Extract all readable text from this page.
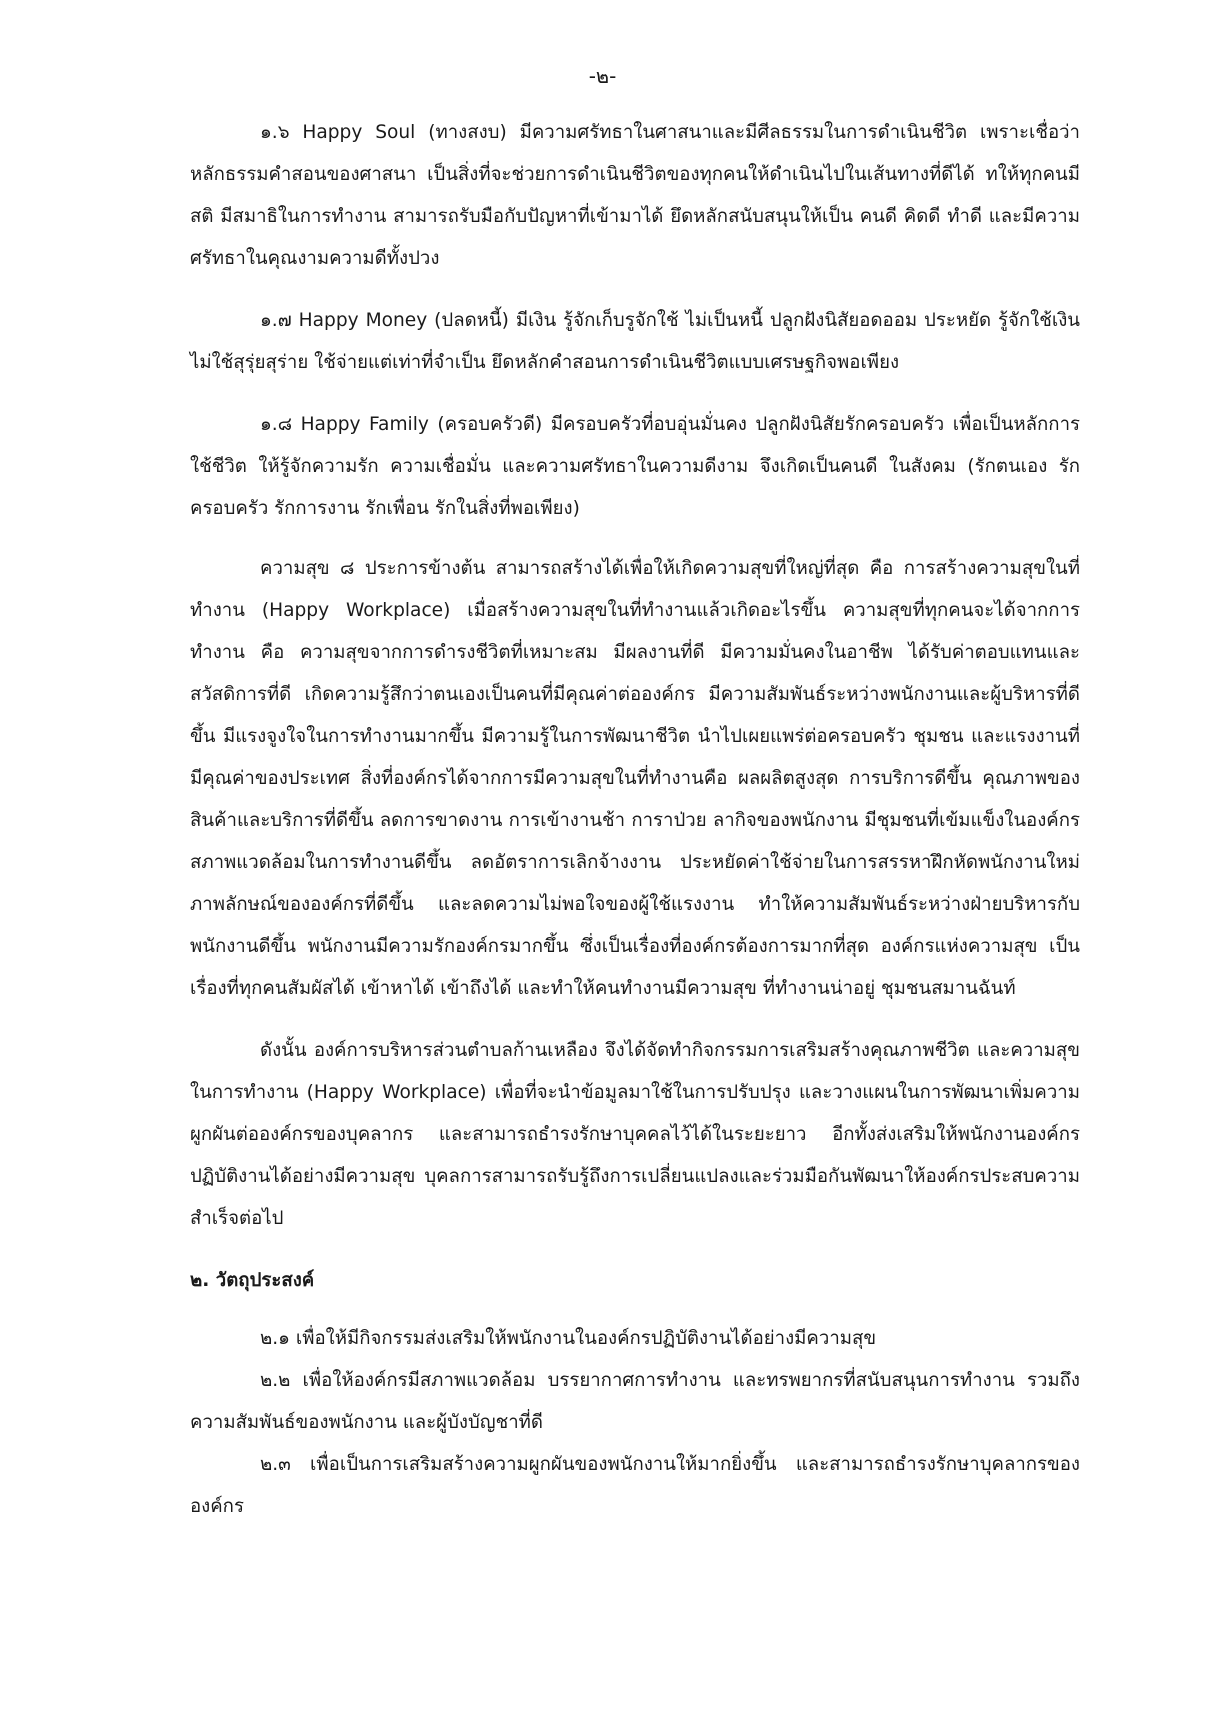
-๒-

๑.๖ Happy Soul (ทางสงบ) มีความศรัทธาในศาสนาและมีศีลธรรมในการดำเนินชีวิต เพราะเชื่อว่าหลักธรรมคำสอนของศาสนา เป็นสิ่งที่จะช่วยการดำเนินชีวิตของทุกคนให้ดำเนินไปในเส้นทางที่ดีได้ ทให้ทุกคนมีสติ มีสมาธิในการทำงาน สามารถรับมือกับปัญหาที่เข้ามาได้ ยึดหลักสนับสนุนให้เป็น คนดี คิดดี ทำดี และมีความศรัทธาในคุณงามความดีทั้งปวง

๑.๗ Happy Money (ปลดหนี้) มีเงิน รู้จักเก็บรูจักใช้ ไม่เป็นหนี้ ปลูกฝังนิสัยอดออม ประหยัด รู้จักใช้เงิน ไม่ใช้สุรุ่ยสุร่าย ใช้จ่ายแต่เท่าที่จำเป็น ยึดหลักคำสอนการดำเนินชีวิตแบบเศรษฐกิจพอเพียง

๑.๘ Happy Family (ครอบครัวดี) มีครอบครัวที่อบอุ่นมั่นคง ปลูกฝังนิสัยรักครอบครัว เพื่อเป็นหลักการใช้ชีวิต ให้รู้จักความรัก ความเชื่อมั่น และความศรัทธาในความดีงาม จึงเกิดเป็นคนดี ในสังคม (รักตนเอง รักครอบครัว รักการงาน รักเพื่อน รักในสิ่งที่พอเพียง)

ความสุข ๘ ประการข้างต้น สามารถสร้างได้เพื่อให้เกิดความสุขที่ใหญ่ที่สุด คือ การสร้างความสุขในที่ทำงาน (Happy Workplace) เมื่อสร้างความสุขในที่ทำงานแล้วเกิดอะไรขึ้น ความสุขที่ทุกคนจะได้จากการทำงาน คือ ความสุขจากการดำรงชีวิตที่เหมาะสม มีผลงานที่ดี มีความมั่นคงในอาชีพ ได้รับค่าตอบแทนและสวัสดิการที่ดี เกิดความรู้สึกว่าตนเองเป็นคนที่มีคุณค่าต่อองค์กร มีความสัมพันธ์ระหว่างพนักงานและผู้บริหารที่ดีขึ้น มีแรงจูงใจในการทำงานมากขึ้น มีความรู้ในการพัฒนาชีวิต นำไปเผยแพร่ต่อครอบครัว ชุมชน และแรงงานที่มีคุณค่าของประเทศ สิ่งที่องค์กรได้จากการมีความสุขในที่ทำงานคือ ผลผลิตสูงสุด การบริการดีขึ้น คุณภาพของสินค้าและบริการที่ดีขึ้น ลดการขาดงาน การเข้างานช้า การาป่วย ลากิจของพนักงาน มีชุมชนที่เข้มแข็งในองค์กร สภาพแวดล้อมในการทำงานดีขึ้น ลดอัตราการเลิกจ้างงาน ประหยัดค่าใช้จ่ายในการสรรหาฝึกหัดพนักงานใหม่ ภาพลักษณ์ขององค์กรที่ดีขึ้น และลดความไม่พอใจของผู้ใช้แรงงาน ทำให้ความสัมพันธ์ระหว่างฝ่ายบริหารกับพนักงานดีขึ้น พนักงานมีความรักองค์กรมากขึ้น ซึ่งเป็นเรื่องที่องค์กรต้องการมากที่สุด องค์กรแห่งความสุข เป็นเรื่องที่ทุกคนสัมผัสได้ เข้าหาได้ เข้าถึงได้ และทำให้คนทำงานมีความสุข ที่ทำงานน่าอยู่ ชุมชนสมานฉันท์

ดังนั้น องค์การบริหารส่วนตำบลก้านเหลือง จึงได้จัดทำกิจกรรมการเสริมสร้างคุณภาพชีวิต และความสุขในการทำงาน (Happy Workplace) เพื่อที่จะนำข้อมูลมาใช้ในการปรับปรุง และวางแผนในการพัฒนาเพิ่มความผูกผันต่อองค์กรของบุคลากร และสามารถธำรงรักษาบุคคลไว้ได้ในระยะยาว อีกทั้งส่งเสริมให้พนักงานองค์กรปฏิบัติงานได้อย่างมีความสุข บุคลการสามารถรับรู้ถึงการเปลี่ยนแปลงและร่วมมือกันพัฒนาให้องค์กรประสบความสำเร็จต่อไป

๒. วัตถุประสงค์

๒.๑ เพื่อให้มีกิจกรรมส่งเสริมให้พนักงานในองค์กรปฏิบัติงานได้อย่างมีความสุข

๒.๒ เพื่อให้องค์กรมีสภาพแวดล้อม บรรยากาศการทำงาน และทรพยากรที่สนับสนุนการทำงาน รวมถึงความสัมพันธ์ของพนักงาน และผู้บังบัญชาที่ดี

๒.๓ เพื่อเป็นการเสริมสร้างความผูกผันของพนักงานให้มากยิ่งขึ้น และสามารถธำรงรักษาบุคลากรขององค์กร
